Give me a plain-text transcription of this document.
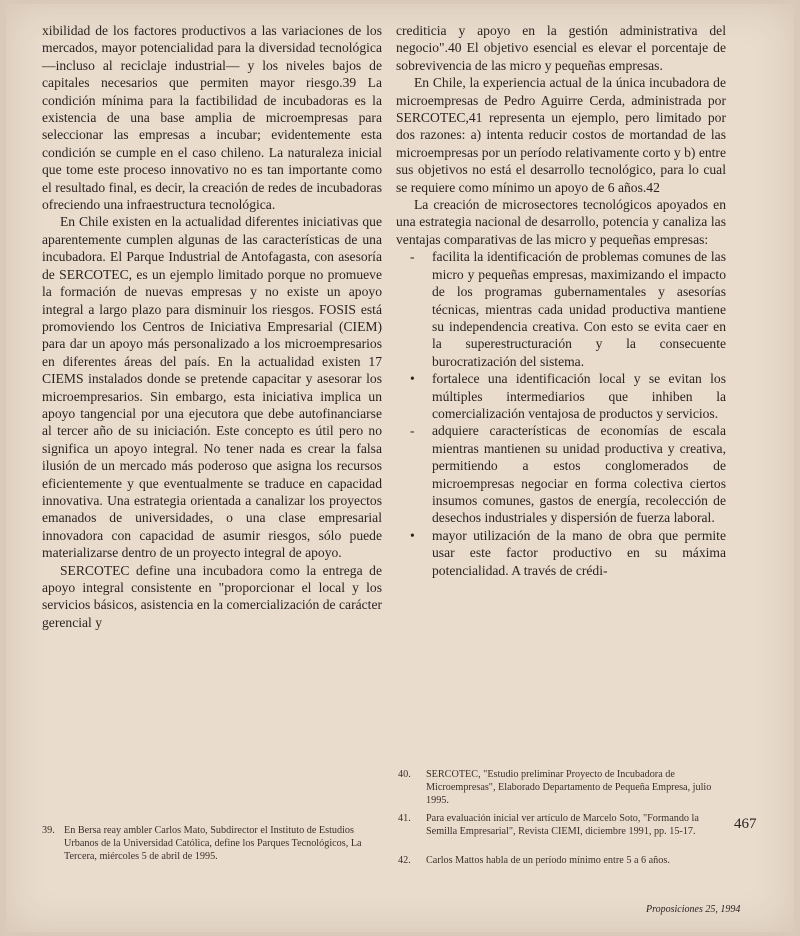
xibilidad de los factores productivos a las variaciones de los mercados, mayor potencialidad para la diversidad tecnológica —incluso al reciclaje industrial— y los niveles bajos de capitales necesarios que permiten mayor riesgo.39 La condición mínima para la factibilidad de incubadoras es la existencia de una base amplia de microempresas para seleccionar las empresas a incubar; evidentemente esta condición se cumple en el caso chileno. La naturaleza inicial que tome este proceso innovativo no es tan importante como el resultado final, es decir, la creación de redes de incubadoras ofreciendo una infraestructura tecnológica.

En Chile existen en la actualidad diferentes iniciativas que aparentemente cumplen algunas de las características de una incubadora. El Parque Industrial de Antofagasta, con asesoría de SERCOTEC, es un ejemplo limitado porque no promueve la formación de nuevas empresas y no existe un apoyo integral a largo plazo para disminuir los riesgos. FOSIS está promoviendo los Centros de Iniciativa Empresarial (CIEM) para dar un apoyo más personalizado a los microempresarios en diferentes áreas del país. En la actualidad existen 17 CIEMS instalados donde se pretende capacitar y asesorar los microempresarios. Sin embargo, esta iniciativa implica un apoyo tangencial por una ejecutora que debe autofinanciarse al tercer año de su iniciación. Este concepto es útil pero no significa un apoyo integral. No tener nada es crear la falsa ilusión de un mercado más poderoso que asigna los recursos eficientemente y que eventualmente se traduce en capacidad innovativa. Una estrategia orientada a canalizar los proyectos emanados de universidades, o una clase empresarial innovadora con capacidad de asumir riesgos, sólo puede materializarse dentro de un proyecto integral de apoyo.

SERCOTEC define una incubadora como la entrega de apoyo integral consistente en "proporcionar el local y los servicios básicos, asistencia en la comercialización de carácter gerencial y

crediticia y apoyo en la gestión administrativa del negocio".40 El objetivo esencial es elevar el porcentaje de sobrevivencia de las micro y pequeñas empresas.

En Chile, la experiencia actual de la única incubadora de microempresas de Pedro Aguirre Cerda, administrada por SERCOTEC,41 representa un ejemplo, pero limitado por dos razones: a) intenta reducir costos de mortandad de las microempresas por un período relativamente corto y b) entre sus objetivos no está el desarrollo tecnológico, para lo cual se requiere como mínimo un apoyo de 6 años.42

La creación de microsectores tecnológicos apoyados en una estrategia nacional de desarrollo, potencia y canaliza las ventajas comparativas de las micro y pequeñas empresas:

- facilita la identificación de problemas comunes de las micro y pequeñas empresas, maximizando el impacto de los programas gubernamentales y asesorías técnicas, mientras cada unidad productiva mantiene su independencia creativa. Con esto se evita caer en la superestructuración y la consecuente burocratización del sistema.
• fortalece una identificación local y se evitan los múltiples intermediarios que inhiben la comercialización ventajosa de productos y servicios.
- adquiere características de economías de escala mientras mantienen su unidad productiva y creativa, permitiendo a estos conglomerados de microempresas negociar en forma colectiva ciertos insumos comunes, gastos de energía, recolección de desechos industriales y dispersión de fuerza laboral.
• mayor utilización de la mano de obra que permite usar este factor productivo en su máxima potencialidad. A través de crédi-
39. En Bersa reay ambler Carlos Mato, Subdirector el Instituto de Estudios Urbanos de la Universidad Católica, define los Parques Tecnológicos, La Tercera, miércoles 5 de abril de 1995.
40.	SERCOTEC, "Estudio preliminar Proyecto de Incubadora de Microempresas", Elaborado Departamento de Pequeña Empresa, julio 1995.
41.	Para evaluación inicial ver artículo de Marcelo Soto, "Formando la Semilla Empresarial", Revista CIEMI, diciembre 1991, pp. 15-17.
42.	Carlos Mattos habla de un período mínimo entre 5 a 6 años.
467
Proposiciones 25, 1994
